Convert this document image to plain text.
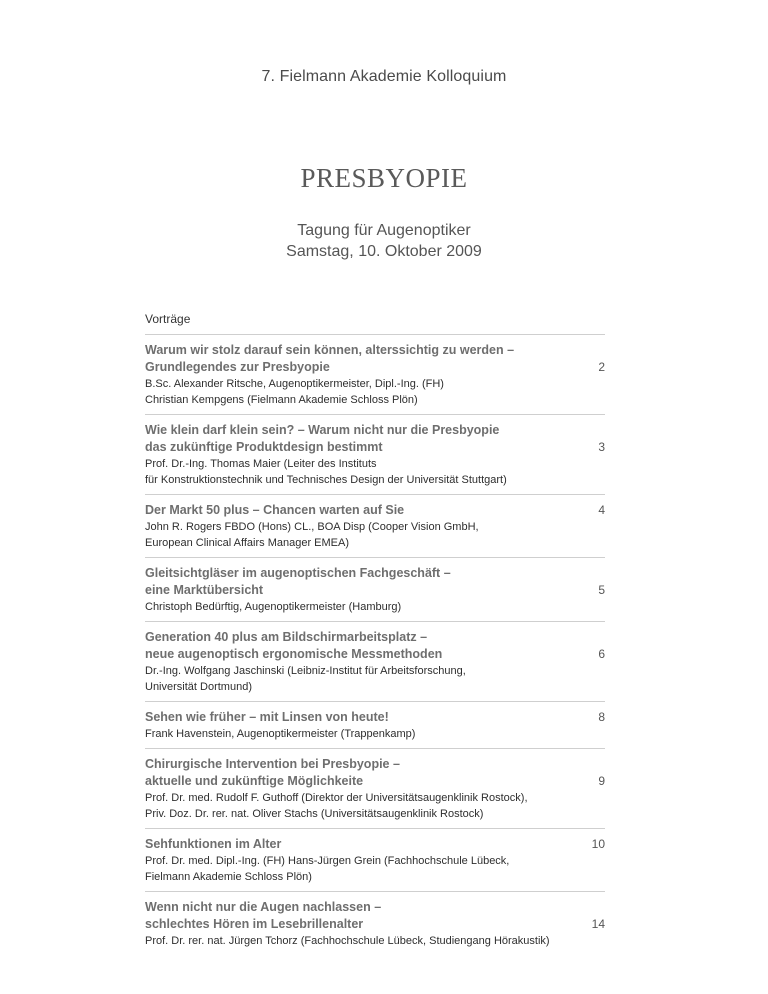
7. Fielmann Akademie Kolloquium
PRESBYOPIE
Tagung für Augenoptiker
Samstag, 10. Oktober 2009
Vorträge
2
Warum wir stolz darauf sein können, alterssichtig zu werden –
Grundlegendes zur Presbyopie
B.Sc. Alexander Ritsche, Augenoptikermeister, Dipl.-Ing. (FH)
Christian Kempgens (Fielmann Akademie Schloss Plön)
3
Wie klein darf klein sein? – Warum nicht nur die Presbyopie
das zukünftige Produktdesign bestimmt
Prof. Dr.-Ing. Thomas Maier (Leiter des Instituts
für Konstruktionstechnik und Technisches Design der Universität Stuttgart)
4
Der Markt 50 plus – Chancen warten auf Sie
John R. Rogers FBDO (Hons) CL., BOA Disp (Cooper Vision GmbH,
European Clinical Affairs Manager EMEA)
5
Gleitsichtgläser im augenoptischen Fachgeschäft –
eine Marktübersicht
Christoph Bedürftig, Augenoptikermeister (Hamburg)
6
Generation 40 plus am Bildschirmarbeitsplatz –
neue augenoptisch ergonomische Messmethoden
Dr.-Ing. Wolfgang Jaschinski (Leibniz-Institut für Arbeitsforschung,
Universität Dortmund)
8
Sehen wie früher – mit Linsen von heute!
Frank Havenstein, Augenoptikermeister (Trappenkamp)
9
Chirurgische Intervention bei Presbyopie –
aktuelle und zukünftige Möglichkeite
Prof. Dr. med. Rudolf F. Guthoff (Direktor der Universitätsaugenklinik Rostock),
Priv. Doz. Dr. rer. nat. Oliver Stachs (Universitätsaugenklinik Rostock)
10
Sehfunktionen im Alter
Prof. Dr. med. Dipl.-Ing. (FH) Hans-Jürgen Grein (Fachhochschule Lübeck,
Fielmann Akademie Schloss Plön)
14
Wenn nicht nur die Augen nachlassen –
schlechtes Hören im Lesebrillenalter
Prof. Dr. rer. nat. Jürgen Tchorz (Fachhochschule Lübeck, Studiengang Hörakustik)
